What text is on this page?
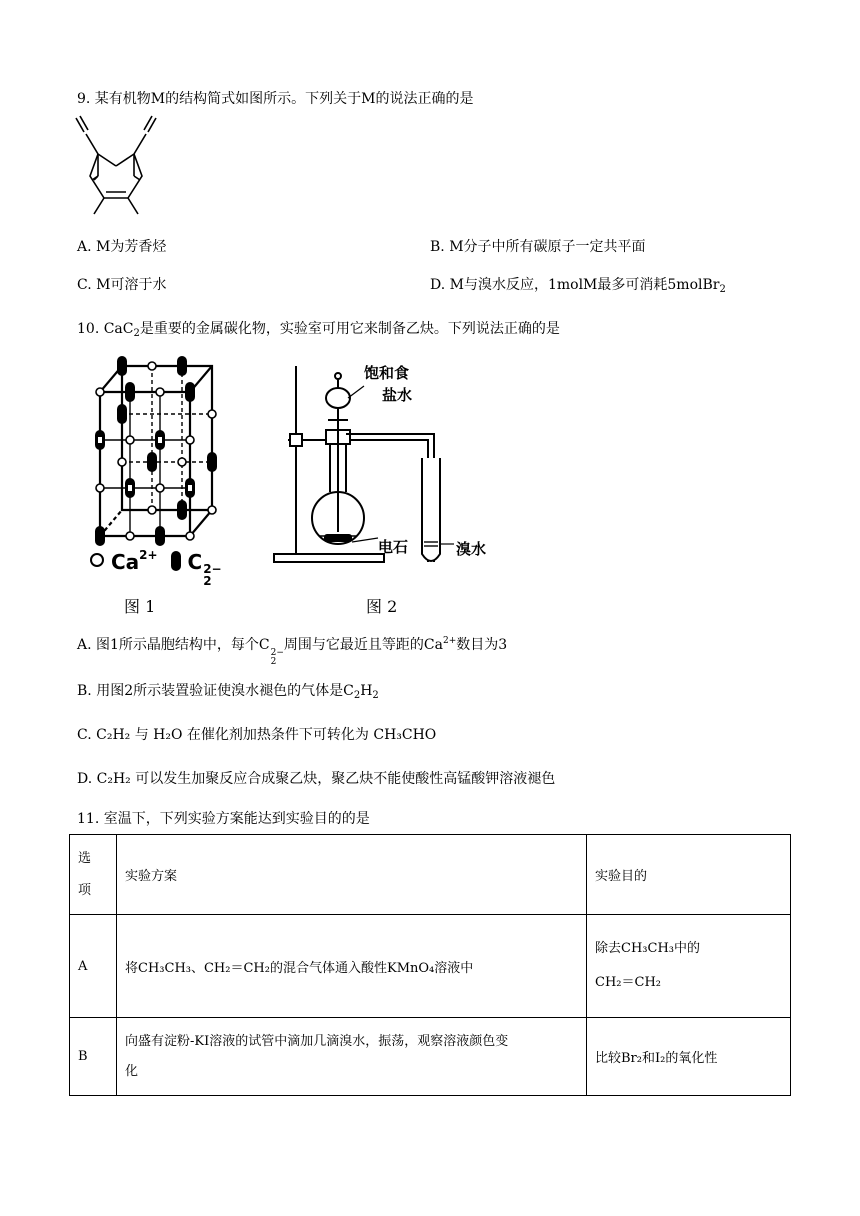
9. 某有机物M的结构简式如图所示。下列关于M的说法正确的是
A. M为芳香烃	B. M分子中所有碳原子一定共平面
C. M可溶于水	D. M与溴水反应，1molM最多可消耗5molBr$_2$
10. CaC$_2$是重要的金属碳化物，实验室可用它来制备乙炔。下列说法正确的是
$Ca^{2+}$ C 2−
2
图 1
饱和食
盐水
电石	溴水
图 2
A. 图1所示晶胞结构中，每个C 2−
2
周围与它最近且等距的$Ca^{2+}$数目为3
B. 用图2所示装置验证使溴水褪色的气体是$C_2H_2$
C. C₂H₂ 与 H₂O 在催化剂加热条件下可转化为 CH₃CHO
D. C₂H₂ 可以发生加聚反应合成聚乙炔，聚乙炔不能使酸性高锰酸钾溶液褪色
11. 室温下，下列实验方案能达到实验目的的是
选
项	实验方案	实验目的
A	将CH₃CH₃、CH₂＝CH₂的混合气体通入酸性KMnO₄溶液中	除去CH₃CH₃中的
CH₂＝CH₂

B	向盛有淀粉-KI溶液的试管中滴加几滴溴水，振荡，观察溶液颜色变
化	比较Br₂和I₂的氧化性
